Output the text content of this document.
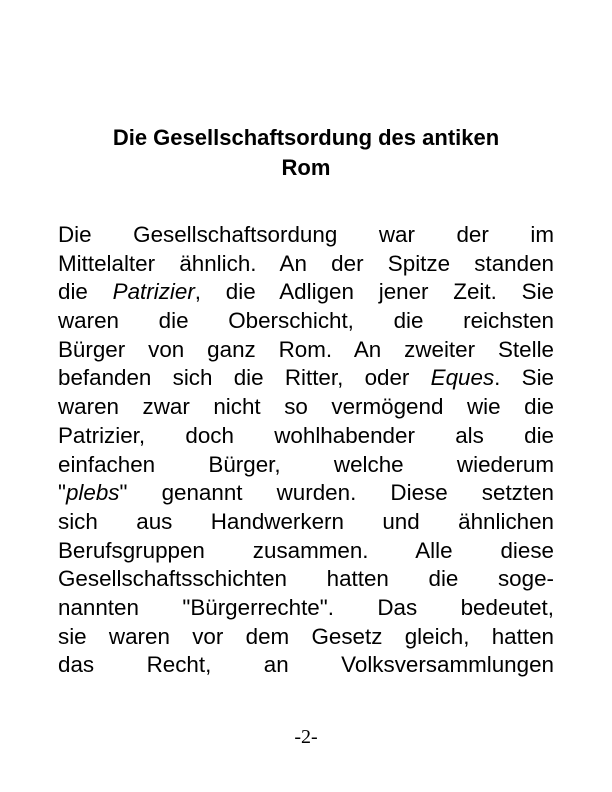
Die Gesellschaftsordung des antiken
Rom
Die Gesellschaftsordung war der im
Mittelalter ähnlich. An der Spitze standen
die Patrizier, die Adligen jener Zeit. Sie
waren die Oberschicht, die reichsten
Bürger von ganz Rom. An zweiter Stelle
befanden sich die Ritter, oder Eques. Sie
waren zwar nicht so vermögend wie die
Patrizier, doch wohlhabender als die
einfachen Bürger, welche wiederum
"plebs" genannt wurden. Diese setzten
sich aus Handwerkern und ähnlichen
Berufsgruppen zusammen. Alle diese
Gesellschaftsschichten hatten die soge-
nannten "Bürgerrechte". Das bedeutet,
sie waren vor dem Gesetz gleich, hatten
das Recht, an Volksversammlungen
-2-
